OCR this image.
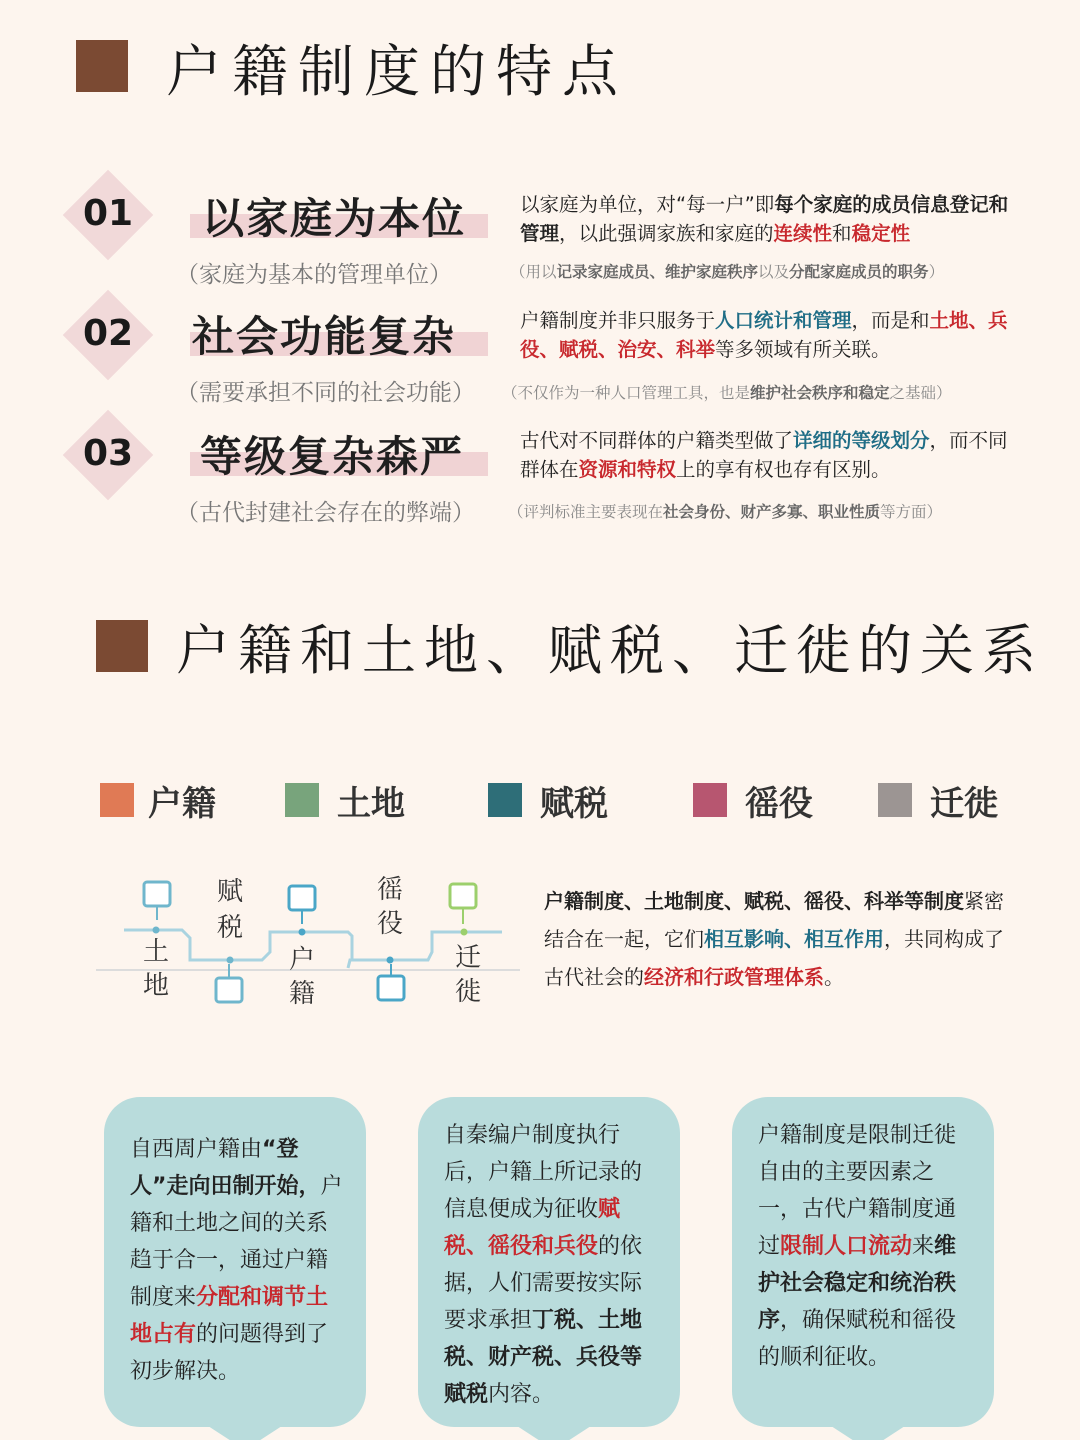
户籍制度的特点
01	以家庭为本位
（家庭为基本的管理单位）
以家庭为单位，对“每一户”即每个家庭的成员信息登记和管理，以此强调家族和家庭的连续性和稳定性
（用以记录家庭成员、维护家庭秩序以及分配家庭成员的职务）
02	社会功能复杂
（需要承担不同的社会功能）
户籍制度并非只服务于人口统计和管理，而是和土地、兵役、赋税、治安、科举等多领域有所关联。
（不仅作为一种人口管理工具，也是维护社会秩序和稳定之基础）
03	等级复杂森严
（古代封建社会存在的弊端）
古代对不同群体的户籍类型做了详细的等级划分，而不同群体在资源和特权上的享有权也存有区别。
（评判标准主要表现在社会身份、财产多寡、职业性质等方面）
户籍和土地、赋税、迁徙的关系
户籍	土地	赋税	徭役	迁徙
土
地
赋
税
户
籍
徭
役
迁
徙
户籍制度、土地制度、赋税、徭役、科举等制度紧密结合在一起，它们相互影响、相互作用，共同构成了古代社会的经济和行政管理体系。
自西周户籍由“登人”走向田制开始，户籍和土地之间的关系趋于合一，通过户籍制度来分配和调节土地占有的问题得到了初步解决。
自秦编户制度执行后，户籍上所记录的信息便成为征收赋税、徭役和兵役的依据，人们需要按实际要求承担丁税、土地税、财产税、兵役等赋税内容。
户籍制度是限制迁徙自由的主要因素之一，古代户籍制度通过限制人口流动来维护社会稳定和统治秩序，确保赋税和徭役的顺利征收。
